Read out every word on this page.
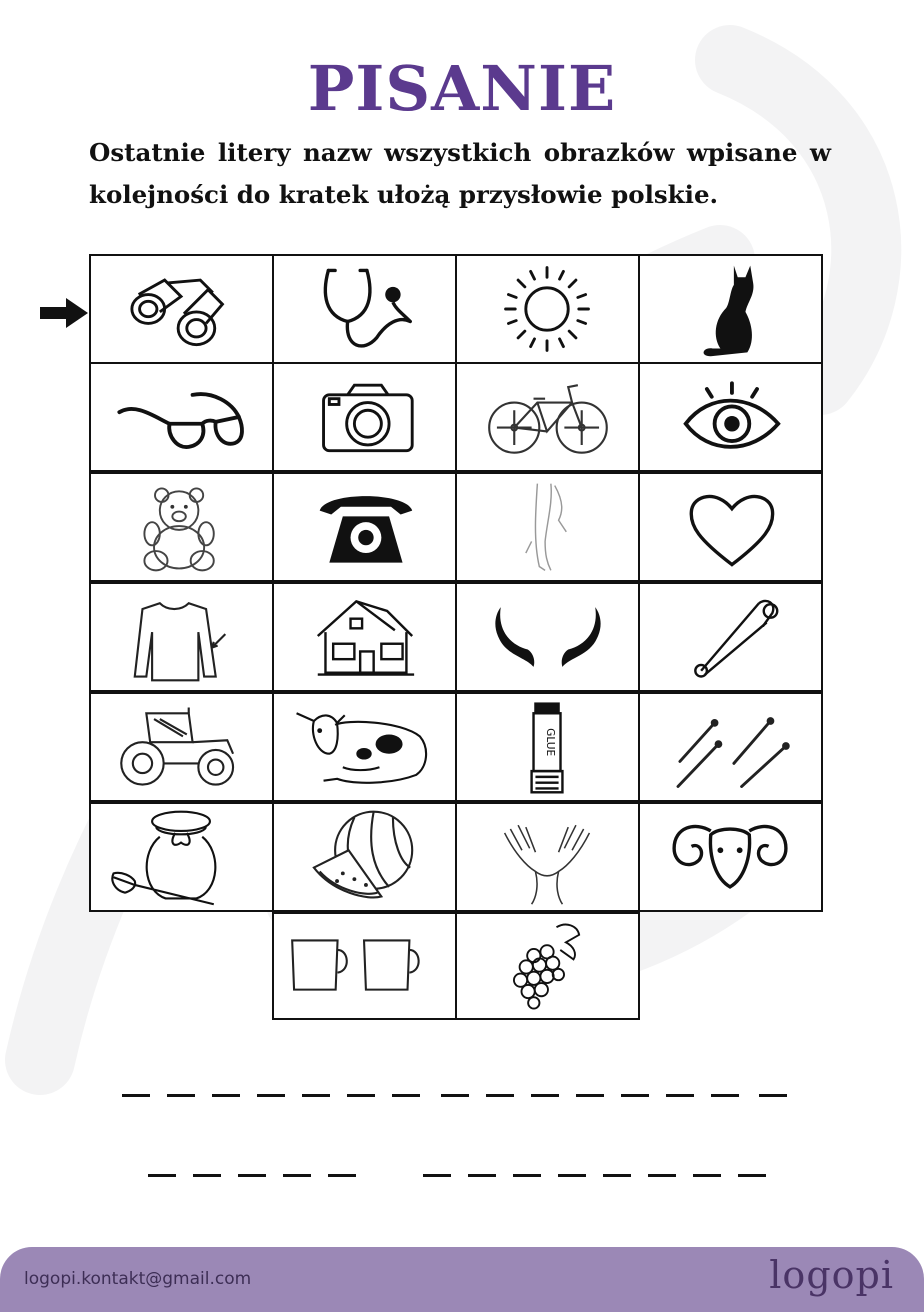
PISANIE
Ostatnie litery nazw wszystkich obrazków wpisane w kolejności do kratek ułożą przysłowie polskie.
GLUE
logopi.kontakt@gmail.com	logopi
